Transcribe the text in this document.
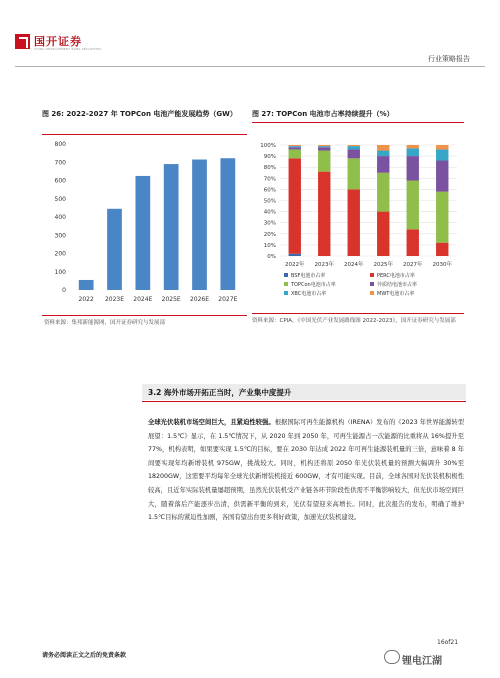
国开证券
CHINA DEVELOPMENT BANK SECURITIES
行业策略报告
图 26: 2022-2027 年 TOPCon 电池产能发展趋势（GW）
0
100
200
300
400
500
600
700
800
2022 2023E 2024E 2025E 2026E 2027E
资料来源：集邦新能源网，国开证券研究与发展部
图 27: TOPCon 电池市占率持续提升（%）
0%
10%
20%
30%
40%
50%
60%
70%
80%
90%
100%
2022年 2023年 2024年 2025年 2027年 2030年
BSF电池市占率	PERC电池市占率
TOPCon电池市占率	异质结电池市占率
XBC电池市占率	MWT电池市占率
资料来源：CPIA，《中国光伏产业发展路线图 2022-2023》，国开证券研究与发展部
3.2 海外市场开拓正当时，产业集中度提升
全球光伏装机市场空间巨大，且紧迫性较强。根据国际可再生能源机构（IRENA）发布的《2023 年世界能源转型展望：1.5℃》显示，在 1.5℃情况下，从 2020 年到 2050 年，可再生能源占一次能源的比重将从 16%提升至 77%，机构表明，如果要实现 1.5℃的目标，要在 2030 年达成 2022 年可再生能源装机量的三倍，意味着 8 年间要实现年均新增装机 975GW，挑战较大。同时，机构还将原 2050 年光伏装机量的预测大幅调升 30%至 18200GW，这需要平均每年全球光伏新增装机接近 600GW，才有可能实现。目前，全球各国对光伏装机积极性较高，且近年实际装机量屡超预期，虽然光伏装机受产业链各环节阶段性供需不平衡影响较大，但光伏市场空间巨大，随着落后产能逐步出清，供需新平衡的到来，光伏有望迎来高增长。同时，此次报告的发布，明确了维护 1.5℃目标的紧迫性加剧，各国有望出台更多利好政策，加速光伏装机建设。
16of21
请务必阅读正文之后的免责条款
锂电江湖
